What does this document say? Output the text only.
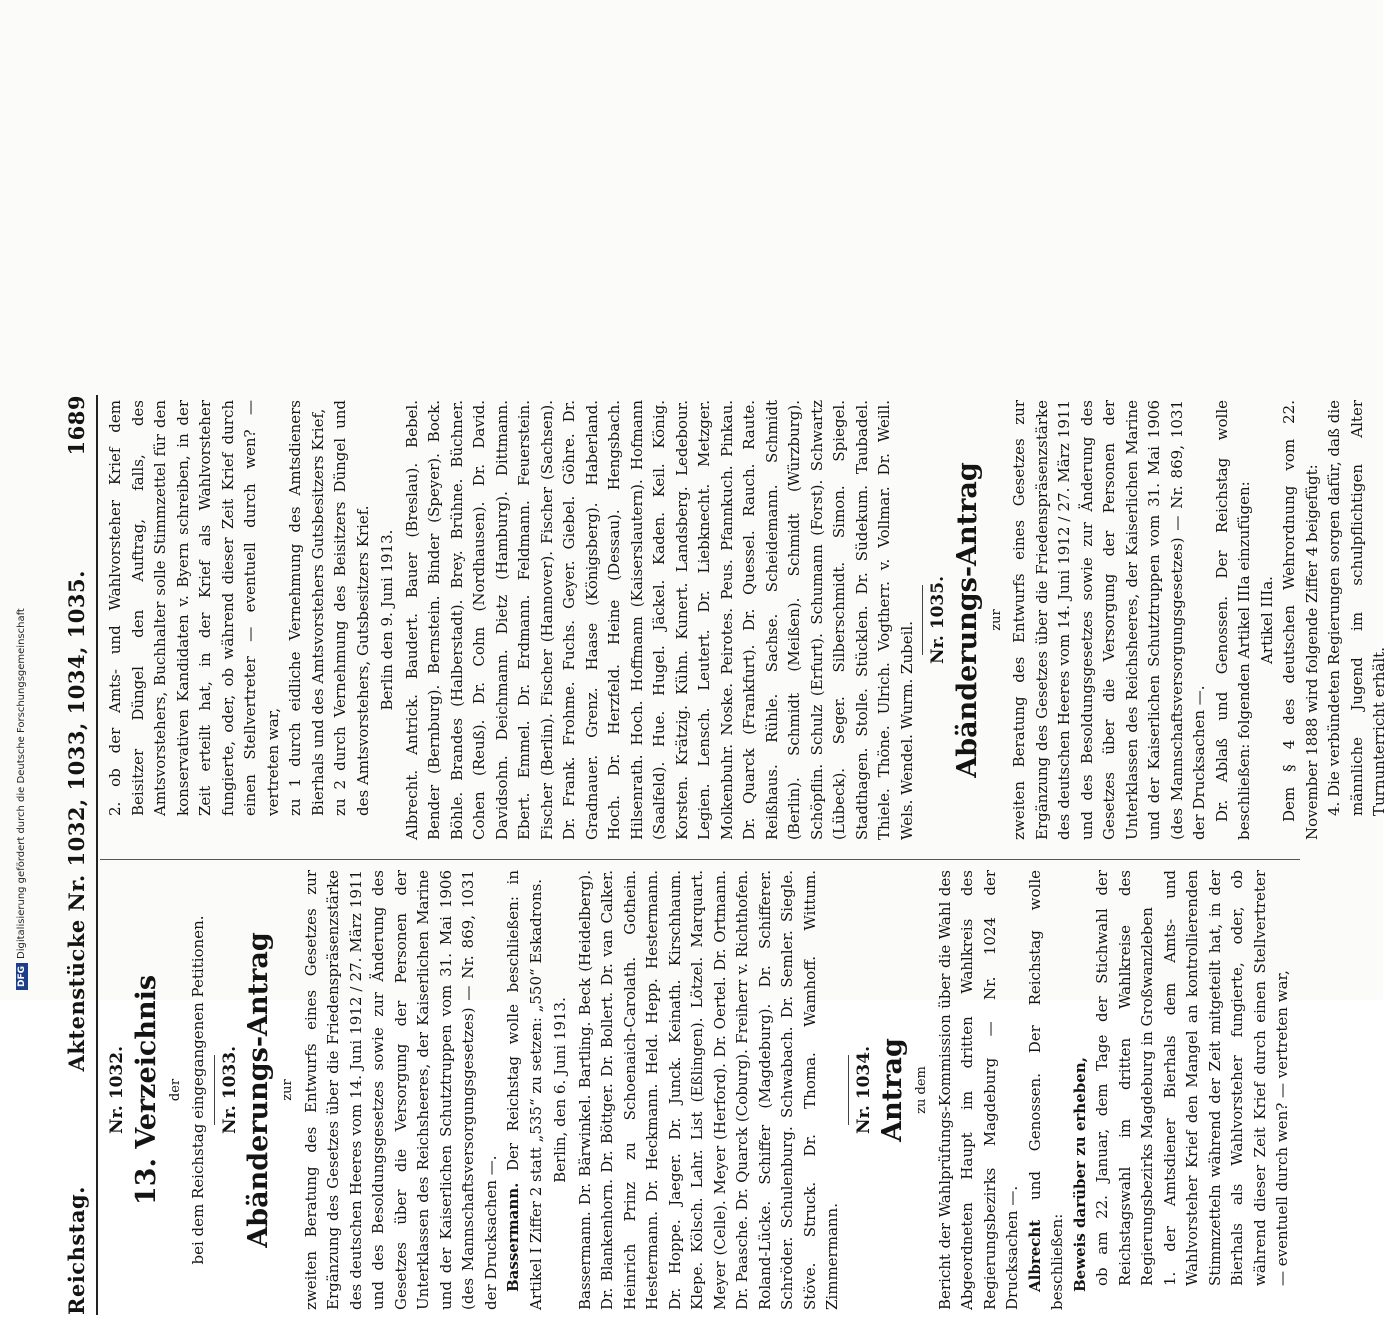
Reichstag.
Aktenstücke Nr. 1032, 1033, 1034, 1035.
1689
Nr. 1032. 13. Verzeichnis der bei dem Reichstag eingegangenen Petitionen. Nr. 1033. Abänderungs-Antrag zur zweiten Beratung des Entwurfs eines Gesetzes zur Ergänzung des Gesetzes über die Friedenspräsenzstärke des deutschen Heeres vom 14. Juni 1912 / 27. März 1911 und des Besoldungsgesetzes sowie zur Änderung des Gesetzes über die Versorgung der Personen der Unterklassen des Reichsheeres, der Kaiserlichen Marine und der Kaiserlichen Schutztruppen vom 31. Mai 1906 (des Mannschaftsversorgungsgesetzes) — Nr. 869, 1031 der Drucksachen —. Bassermann. Der Reichstag wolle beschließen: in Artikel I Ziffer 2 statt „535“ zu setzen: „550“ Eskadrons. Berlin, den 6. Juni 1913. Bassermann. Dr. Bärwinkel. Bartling. Beck (Heidelberg). Dr. Blankenhorn. Dr. Böttger. Dr. Bollert. Dr. van Calker. Heinrich Prinz zu Schoenaich-Carolath. Gothein. Hestermann. Dr. Heckmann. Held. Hepp. Hestermann. Dr. Hoppe. Jaeger. Dr. Junck. Keinath. Kirschhaum. Klepe. Kölsch. Lahr. List (Eßlingen). Lötzel. Marquart. Meyer (Celle). Meyer (Herford). Dr. Oertel. Dr. Ortmann. Dr. Paasche. Dr. Quarck (Coburg). Freiherr v. Richthofen. Roland-Lücke. Schiffer (Magdeburg). Dr. Schifferer. Schröder. Schulenburg. Schwabach. Dr. Semler. Siegle. Stöve. Struck. Dr. Thoma. Wamhoff. Wittum. Zimmermann.

Nr. 1034. Antrag zu dem Bericht der Wahlprüfungs-Kommission über die Wahl des Abgeordneten Haupt im dritten Wahlkreis des Regierungsbezirks Magdeburg — Nr. 1024 der Drucksachen —. Albrecht und Genossen. Der Reichstag wolle beschließen: Beweis darüber zu erheben, ob am 22. Januar, dem Tage der Stichwahl der Reichstagswahl im dritten Wahlkreise des Regierungsbezirks Magdeburg in Großwanzleben 1. der Amtsdiener Bierhals dem Amts- und Wahlvorsteher Krief den Mangel an kontrollierenden Stimmzetteln während der Zeit mitgeteilt hat, in der Bierhals als Wahlvorsteher fungierte, oder, ob während dieser Zeit Krief durch einen Stellvertreter — eventuell durch wen? — vertreten war,

2. ob der Amts- und Wahlvorsteher Krief dem Beisitzer Düngel den Auftrag, falls, des Amtsvorstehers, Buchhalter solle Stimmzettel für den konservativen Kandidaten v. Byern schreiben, in der Zeit erteilt hat, in der Krief als Wahlvorsteher fungierte, oder, ob während dieser Zeit Krief durch einen Stellvertreter — eventuell durch wen? — vertreten war, zu 1 durch eidliche Vernehmung des Amtsdieners Bierhals und des Amtsvorstehers Gutsbesitzers Krief, zu 2 durch Vernehmung des Beisitzers Düngel und des Amtsvorstehers, Gutsbesitzers Krief. Berlin den 9. Juni 1913. Albrecht. Antrick. Baudert. Bauer (Breslau). Bebel. Bender (Bernburg). Bernstein. Binder (Speyer). Bock. Böhle. Brandes (Halberstadt). Brey. Brühne. Büchner. Cohen (Reuß). Dr. Cohn (Nordhausen). Dr. David. Davidsohn. Deichmann. Dietz (Hamburg). Dittmann. Ebert. Emmel. Dr. Erdmann. Feldmann. Feuerstein. Fischer (Berlin). Fischer (Hannover). Fischer (Sachsen). Dr. Frank. Frohme. Fuchs. Geyer. Giebel. Göhre. Dr. Gradnauer. Grenz. Haase (Königsberg). Haberland. Hoch. Dr. Herzfeld. Heine (Dessau). Hengsbach. Hilsenrath. Hoch. Hoffmann (Kaiserslautern). Hofmann (Saalfeld). Hue. Hugel. Jäckel. Kaden. Keil. König. Korsten. Krätzig. Kühn. Kunert. Landsberg. Ledebour. Legien. Lensch. Leutert. Dr. Liebknecht. Metzger. Molkenbuhr. Noske. Peirotes. Peus. Pfannkuch. Pinkau. Dr. Quarck (Frankfurt). Dr. Quessel. Rauch. Raute. Reißhaus. Rühle. Sachse. Scheidemann. Schmidt (Berlin). Schmidt (Meißen). Schmidt (Würzburg). Schöpflin. Schulz (Erfurt). Schumann (Forst). Schwartz (Lübeck). Seger. Silberschmidt. Simon. Spiegel. Stadthagen. Stolle. Stücklen. Dr. Südekum. Taubadel. Thiele. Thöne. Ulrich. Vogtherr. v. Vollmar. Dr. Weill. Wels. Wendel. Wurm. Zubeil.

Nr. 1035. Abänderungs-Antrag zur zweiten Beratung des Entwurfs eines Gesetzes zur Ergänzung des Gesetzes über die Friedenspräsenzstärke des deutschen Heeres vom 14. Juni 1912 / 27. März 1911 und des Besoldungsgesetzes sowie zur Änderung des Gesetzes über die Versorgung der Personen der Unterklassen des Reichsheeres, der Kaiserlichen Marine und der Kaiserlichen Schutztruppen vom 31. Mai 1906 (des Mannschaftsversorgungsgesetzes) — Nr. 869, 1031 der Drucksachen —. Dr. Ablaß und Genossen. Der Reichstag wolle beschließen: folgenden Artikel IIIa einzufügen: Artikel IIIa. Dem § 4 des deutschen Wehrordnung vom 22. November 1888 wird folgende Ziffer 4 beigefügt: 4. Die verbündeten Regierungen sorgen dafür, daß die männliche Jugend im schulpflichtigen Alter Turnunterricht erhält.

DFGDigitalisierung gefördert durch die Deutsche Forschungsgemeinschaft
